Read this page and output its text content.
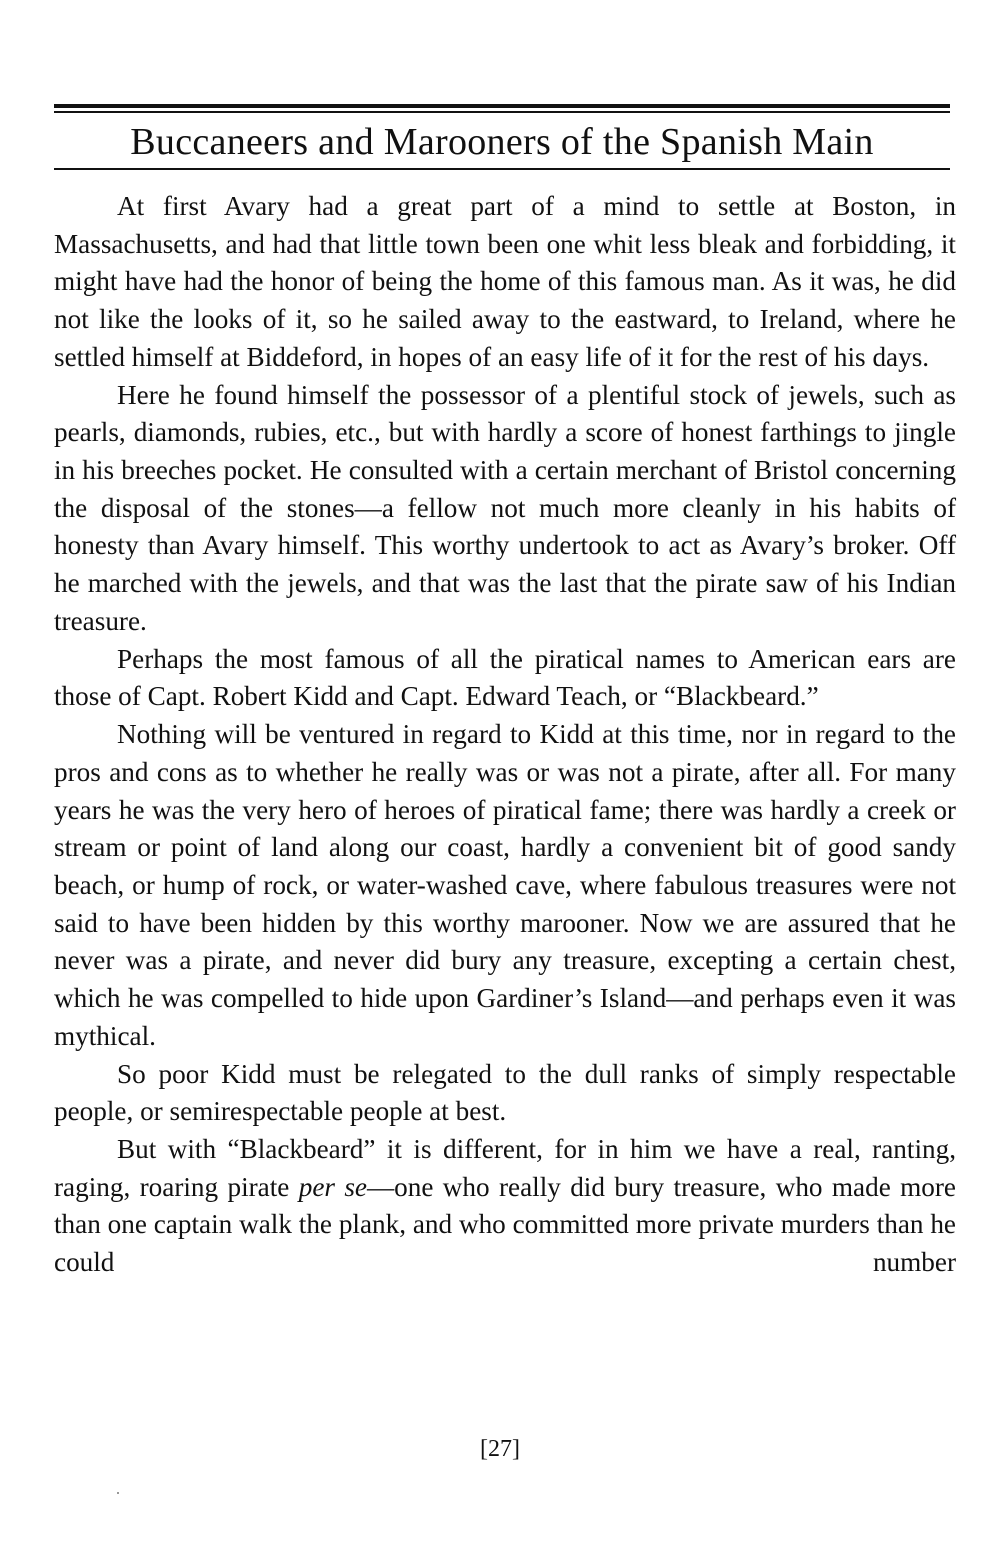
Buccaneers and Marooners of the Spanish Main

At first Avary had a great part of a mind to settle at Boston, in Massachusetts, and had that little town been one whit less bleak and forbidding, it might have had the honor of being the home of this famous man. As it was, he did not like the looks of it, so he sailed away to the eastward, to Ireland, where he settled himself at Biddeford, in hopes of an easy life of it for the rest of his days.

Here he found himself the possessor of a plentiful stock of jewels, such as pearls, diamonds, rubies, etc., but with hardly a score of honest farthings to jingle in his breeches pocket. He consulted with a certain merchant of Bristol concerning the disposal of the stones—a fellow not much more cleanly in his habits of honesty than Avary himself. This worthy undertook to act as Avary’s broker. Off he marched with the jewels, and that was the last that the pirate saw of his Indian treasure.

Perhaps the most famous of all the piratical names to American ears are those of Capt. Robert Kidd and Capt. Edward Teach, or “Blackbeard.”

Nothing will be ventured in regard to Kidd at this time, nor in regard to the pros and cons as to whether he really was or was not a pirate, after all. For many years he was the very hero of heroes of piratical fame; there was hardly a creek or stream or point of land along our coast, hardly a convenient bit of good sandy beach, or hump of rock, or water-washed cave, where fabulous treasures were not said to have been hidden by this worthy marooner. Now we are assured that he never was a pirate, and never did bury any treasure, excepting a certain chest, which he was compelled to hide upon Gardiner’s Island—and perhaps even it was mythical.

So poor Kidd must be relegated to the dull ranks of simply respectable people, or semirespectable people at best.

But with “Blackbeard” it is different, for in him we have a real, ranting, raging, roaring pirate per se—one who really did bury treasure, who made more than one captain walk the plank, and who committed more private murders than he could number

[27]
